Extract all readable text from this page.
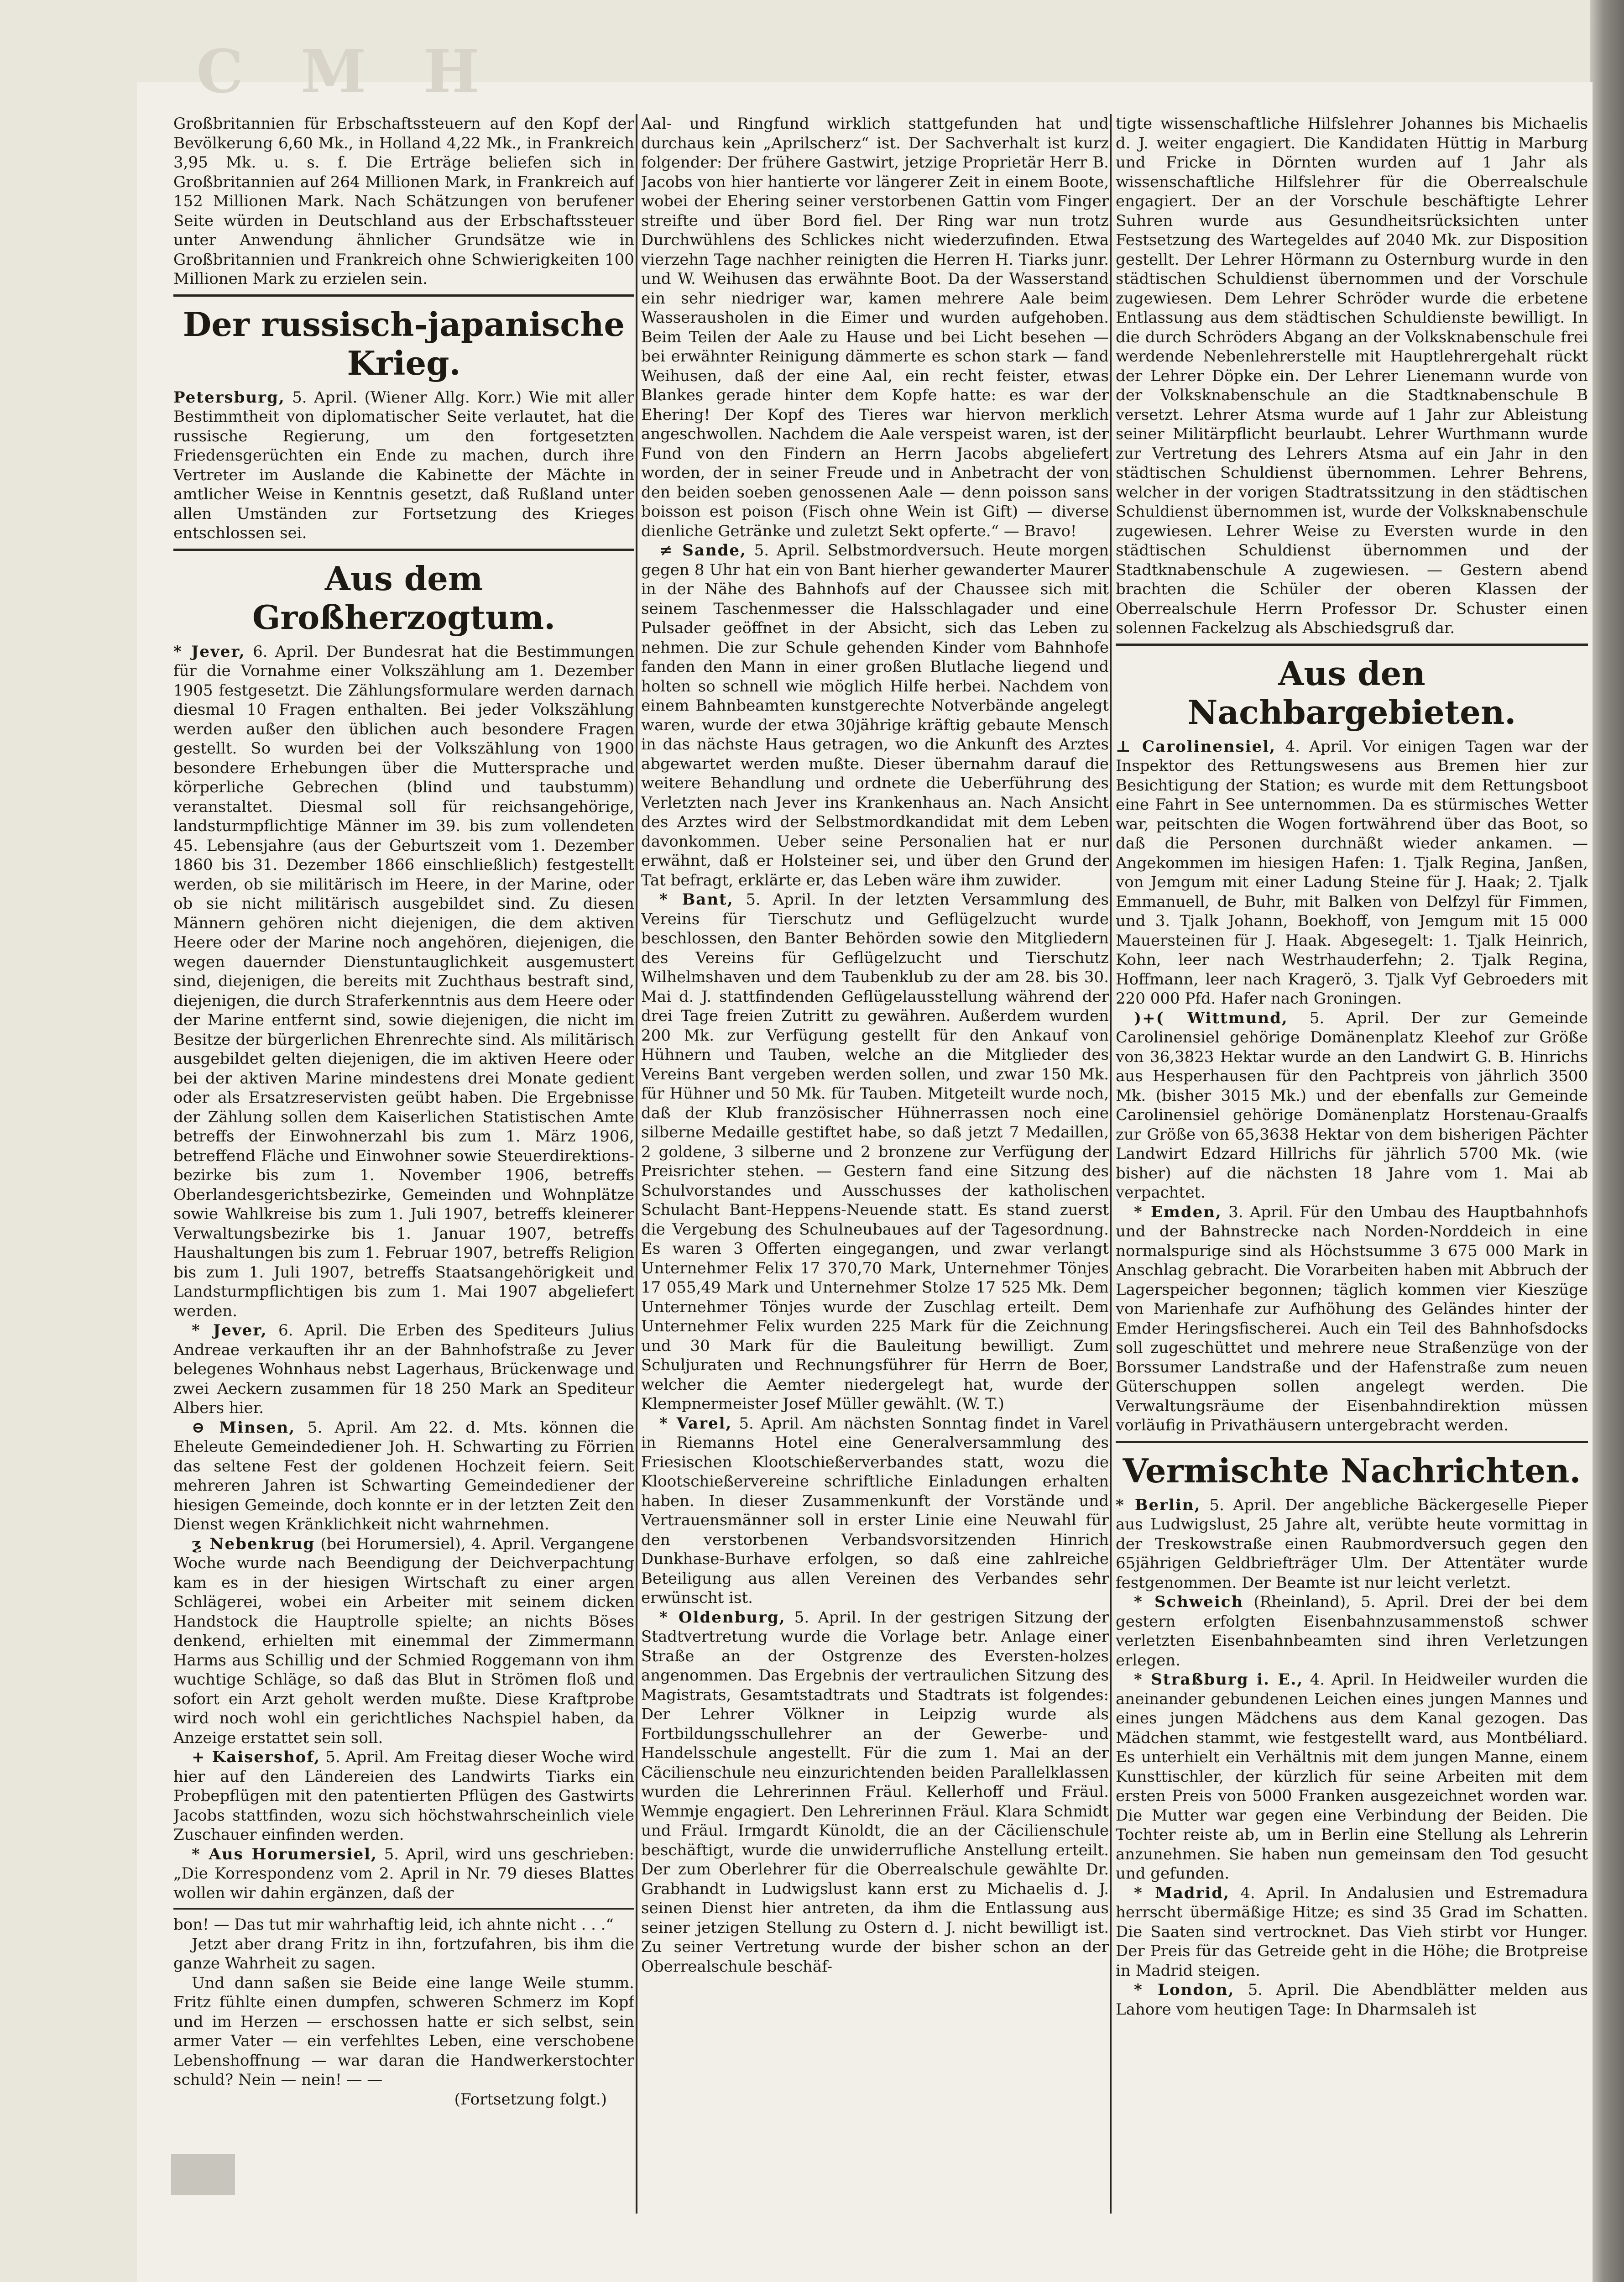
C M H

Großbritannien für Erbschaftssteuern auf den Kopf der Bevölkerung 6,60 Mk., in Holland 4,22 Mk., in Frankreich 3,95 Mk. u. s. f. Die Erträge beliefen sich in Großbritannien auf 264 Millionen Mark, in Frankreich auf 152 Millionen Mark. Nach Schätzungen von berufener Seite würden in Deutschland aus der Erbschaftssteuer unter Anwendung ähnlicher Grundsätze wie in Großbritannien und Frankreich ohne Schwierigkeiten 100 Millionen Mark zu erzielen sein.

Der russisch-japanische Krieg.

Petersburg, 5. April. (Wiener Allg. Korr.) Wie mit aller Bestimmtheit von diplomatischer Seite verlautet, hat die russische Regierung, um den fortgesetzten Friedensgerüchten ein Ende zu machen, durch ihre Vertreter im Auslande die Kabinette der Mächte in amtlicher Weise in Kenntnis gesetzt, daß Rußland unter allen Umständen zur Fortsetzung des Krieges entschlossen sei.

Aus dem Großherzogtum.

* Jever, 6. April. Der Bundesrat hat die Bestimmungen für die Vornahme einer Volkszählung am 1. Dezember 1905 festgesetzt. Die Zählungsformulare werden darnach diesmal 10 Fragen enthalten. Bei jeder Volkszählung werden außer den üblichen auch besondere Fragen gestellt. So wurden bei der Volkszählung von 1900 besondere Erhebungen über die Muttersprache und körperliche Gebrechen (blind und taubstumm) veranstaltet. Diesmal soll für reichsangehörige, landsturmpflichtige Männer im 39. bis zum vollendeten 45. Lebensjahre (aus der Geburtszeit vom 1. Dezember 1860 bis 31. Dezember 1866 einschließlich) festgestellt werden, ob sie militärisch im Heere, in der Marine, oder ob sie nicht militärisch ausgebildet sind. Zu diesen Männern gehören nicht diejenigen, die dem aktiven Heere oder der Marine noch angehören, diejenigen, die wegen dauernder Dienstuntauglichkeit ausgemustert sind, diejenigen, die bereits mit Zuchthaus bestraft sind, diejenigen, die durch Straferkenntnis aus dem Heere oder der Marine entfernt sind, sowie diejenigen, die nicht im Besitze der bürgerlichen Ehrenrechte sind. Als militärisch ausgebildet gelten diejenigen, die im aktiven Heere oder bei der aktiven Marine mindestens drei Monate gedient oder als Ersatzreservisten geübt haben. Die Ergebnisse der Zählung sollen dem Kaiserlichen Statistischen Amte betreffs der Einwohnerzahl bis zum 1. März 1906, betreffend Fläche und Einwohner sowie Steuerdirektions-bezirke bis zum 1. November 1906, betreffs Oberlandesgerichtsbezirke, Gemeinden und Wohnplätze sowie Wahlkreise bis zum 1. Juli 1907, betreffs kleinerer Verwaltungsbezirke bis 1. Januar 1907, betreffs Haushaltungen bis zum 1. Februar 1907, betreffs Religion bis zum 1. Juli 1907, betreffs Staatsangehörigkeit und Landsturmpflichtigen bis zum 1. Mai 1907 abgeliefert werden.

* Jever, 6. April. Die Erben des Spediteurs Julius Andreae verkauften ihr an der Bahnhofstraße zu Jever belegenes Wohnhaus nebst Lagerhaus, Brückenwage und zwei Aeckern zusammen für 18 250 Mark an Spediteur Albers hier.

⊖ Minsen, 5. April. Am 22. d. Mts. können die Eheleute Gemeindediener Joh. H. Schwarting zu Förrien das seltene Fest der goldenen Hochzeit feiern. Seit mehreren Jahren ist Schwarting Gemeindediener der hiesigen Gemeinde, doch konnte er in der letzten Zeit den Dienst wegen Kränklichkeit nicht wahrnehmen.

ƺ Nebenkrug (bei Horumersiel), 4. April. Vergangene Woche wurde nach Beendigung der Deichverpachtung kam es in der hiesigen Wirtschaft zu einer argen Schlägerei, wobei ein Arbeiter mit seinem dicken Handstock die Hauptrolle spielte; an nichts Böses denkend, erhielten mit einemmal der Zimmermann Harms aus Schillig und der Schmied Roggemann von ihm wuchtige Schläge, so daß das Blut in Strömen floß und sofort ein Arzt geholt werden mußte. Diese Kraftprobe wird noch wohl ein gerichtliches Nachspiel haben, da Anzeige erstattet sein soll.

+ Kaisershof, 5. April. Am Freitag dieser Woche wird hier auf den Ländereien des Landwirts Tiarks ein Probepflügen mit den patentierten Pflügen des Gastwirts Jacobs stattfinden, wozu sich höchstwahrscheinlich viele Zuschauer einfinden werden.

* Aus Horumersiel, 5. April, wird uns geschrieben: „Die Korrespondenz vom 2. April in Nr. 79 dieses Blattes wollen wir dahin ergänzen, daß der

bon! — Das tut mir wahrhaftig leid, ich ahnte nicht . . .“

Jetzt aber drang Fritz in ihn, fortzufahren, bis ihm die ganze Wahrheit zu sagen.

Und dann saßen sie Beide eine lange Weile stumm. Fritz fühlte einen dumpfen, schweren Schmerz im Kopf und im Herzen — erschossen hatte er sich selbst, sein armer Vater — ein verfehltes Leben, eine verschobene Lebenshoffnung — war daran die Handwerkerstochter schuld? Nein — nein! — —

(Fortsetzung folgt.)

Aal- und Ringfund wirklich stattgefunden hat und durchaus kein „Aprilscherz“ ist. Der Sachverhalt ist kurz folgender: Der frühere Gastwirt, jetzige Proprietär Herr B. Jacobs von hier hantierte vor längerer Zeit in einem Boote, wobei der Ehering seiner verstorbenen Gattin vom Finger streifte und über Bord fiel. Der Ring war nun trotz Durchwühlens des Schlickes nicht wiederzufinden. Etwa vierzehn Tage nachher reinigten die Herren H. Tiarks junr. und W. Weihusen das erwähnte Boot. Da der Wasserstand ein sehr niedriger war, kamen mehrere Aale beim Wasserausholen in die Eimer und wurden aufgehoben. Beim Teilen der Aale zu Hause und bei Licht besehen — bei erwähnter Reinigung dämmerte es schon stark — fand Weihusen, daß der eine Aal, ein recht feister, etwas Blankes gerade hinter dem Kopfe hatte: es war der Ehering! Der Kopf des Tieres war hiervon merklich angeschwollen. Nachdem die Aale verspeist waren, ist der Fund von den Findern an Herrn Jacobs abgeliefert worden, der in seiner Freude und in Anbetracht der von den beiden soeben genossenen Aale — denn poisson sans boisson est poison (Fisch ohne Wein ist Gift) — diverse dienliche Getränke und zuletzt Sekt opferte.“ — Bravo!

≠ Sande, 5. April. Selbstmordversuch. Heute morgen gegen 8 Uhr hat ein von Bant hierher gewanderter Maurer in der Nähe des Bahnhofs auf der Chaussee sich mit seinem Taschenmesser die Halsschlagader und eine Pulsader geöffnet in der Absicht, sich das Leben zu nehmen. Die zur Schule gehenden Kinder vom Bahnhofe fanden den Mann in einer großen Blutlache liegend und holten so schnell wie möglich Hilfe herbei. Nachdem von einem Bahnbeamten kunstgerechte Notverbände angelegt waren, wurde der etwa 30jährige kräftig gebaute Mensch in das nächste Haus getragen, wo die Ankunft des Arztes abgewartet werden mußte. Dieser übernahm darauf die weitere Behandlung und ordnete die Ueberführung des Verletzten nach Jever ins Krankenhaus an. Nach Ansicht des Arztes wird der Selbstmordkandidat mit dem Leben davonkommen. Ueber seine Personalien hat er nur erwähnt, daß er Holsteiner sei, und über den Grund der Tat befragt, erklärte er, das Leben wäre ihm zuwider.

* Bant, 5. April. In der letzten Versammlung des Vereins für Tierschutz und Geflügelzucht wurde beschlossen, den Banter Behörden sowie den Mitgliedern des Vereins für Geflügelzucht und Tierschutz Wilhelmshaven und dem Taubenklub zu der am 28. bis 30. Mai d. J. stattfindenden Geflügelausstellung während der drei Tage freien Zutritt zu gewähren. Außerdem wurden 200 Mk. zur Verfügung gestellt für den Ankauf von Hühnern und Tauben, welche an die Mitglieder des Vereins Bant vergeben werden sollen, und zwar 150 Mk. für Hühner und 50 Mk. für Tauben. Mitgeteilt wurde noch, daß der Klub französischer Hühnerrassen noch eine silberne Medaille gestiftet habe, so daß jetzt 7 Medaillen, 2 goldene, 3 silberne und 2 bronzene zur Verfügung der Preisrichter stehen. — Gestern fand eine Sitzung des Schulvorstandes und Ausschusses der katholischen Schulacht Bant-Heppens-Neuende statt. Es stand zuerst die Vergebung des Schulneubaues auf der Tagesordnung. Es waren 3 Offerten eingegangen, und zwar verlangt Unternehmer Felix 17 370,70 Mark, Unternehmer Tönjes 17 055,49 Mark und Unternehmer Stolze 17 525 Mk. Dem Unternehmer Tönjes wurde der Zuschlag erteilt. Dem Unternehmer Felix wurden 225 Mark für die Zeichnung und 30 Mark für die Bauleitung bewilligt. Zum Schuljuraten und Rechnungsführer für Herrn de Boer, welcher die Aemter niedergelegt hat, wurde der Klempnermeister Josef Müller gewählt. (W. T.)

* Varel, 5. April. Am nächsten Sonntag findet in Varel in Riemanns Hotel eine Generalversammlung des Friesischen Klootschießerverbandes statt, wozu die Klootschießervereine schriftliche Einladungen erhalten haben. In dieser Zusammenkunft der Vorstände und Vertrauensmänner soll in erster Linie eine Neuwahl für den verstorbenen Verbandsvorsitzenden Hinrich Dunkhase-Burhave erfolgen, so daß eine zahlreiche Beteiligung aus allen Vereinen des Verbandes sehr erwünscht ist.

* Oldenburg, 5. April. In der gestrigen Sitzung der Stadtvertretung wurde die Vorlage betr. Anlage einer Straße an der Ostgrenze des Eversten-holzes angenommen. Das Ergebnis der vertraulichen Sitzung des Magistrats, Gesamtstadtrats und Stadtrats ist folgendes: Der Lehrer Völkner in Leipzig wurde als Fortbildungsschullehrer an der Gewerbe- und Handelsschule angestellt. Für die zum 1. Mai an der Cäcilienschule neu einzurichtenden beiden Parallelklassen wurden die Lehrerinnen Fräul. Kellerhoff und Fräul. Wemmje engagiert. Den Lehrerinnen Fräul. Klara Schmidt und Fräul. Irmgardt Künoldt, die an der Cäcilienschule beschäftigt, wurde die unwiderrufliche Anstellung erteilt. Der zum Oberlehrer für die Oberrealschule gewählte Dr. Grabhandt in Ludwigslust kann erst zu Michaelis d. J. seinen Dienst hier antreten, da ihm die Entlassung aus seiner jetzigen Stellung zu Ostern d. J. nicht bewilligt ist. Zu seiner Vertretung wurde der bisher schon an der Oberrealschule beschäf-

tigte wissenschaftliche Hilfslehrer Johannes bis Michaelis d. J. weiter engagiert. Die Kandidaten Hüttig in Marburg und Fricke in Dörnten wurden auf 1 Jahr als wissenschaftliche Hilfslehrer für die Oberrealschule engagiert. Der an der Vorschule beschäftigte Lehrer Suhren wurde aus Gesundheitsrücksichten unter Festsetzung des Wartegeldes auf 2040 Mk. zur Disposition gestellt. Der Lehrer Hörmann zu Osternburg wurde in den städtischen Schuldienst übernommen und der Vorschule zugewiesen. Dem Lehrer Schröder wurde die erbetene Entlassung aus dem städtischen Schuldienste bewilligt. In die durch Schröders Abgang an der Volksknabenschule frei werdende Nebenlehrerstelle mit Hauptlehrergehalt rückt der Lehrer Döpke ein. Der Lehrer Lienemann wurde von der Volksknabenschule an die Stadtknabenschule B versetzt. Lehrer Atsma wurde auf 1 Jahr zur Ableistung seiner Militärpflicht beurlaubt. Lehrer Wurthmann wurde zur Vertretung des Lehrers Atsma auf ein Jahr in den städtischen Schuldienst übernommen. Lehrer Behrens, welcher in der vorigen Stadtratssitzung in den städtischen Schuldienst übernommen ist, wurde der Volksknabenschule zugewiesen. Lehrer Weise zu Eversten wurde in den städtischen Schuldienst übernommen und der Stadtknabenschule A zugewiesen. — Gestern abend brachten die Schüler der oberen Klassen der Oberrealschule Herrn Professor Dr. Schuster einen solennen Fackelzug als Abschiedsgruß dar.

Aus den Nachbargebieten.

⊥ Carolinensiel, 4. April. Vor einigen Tagen war der Inspektor des Rettungswesens aus Bremen hier zur Besichtigung der Station; es wurde mit dem Rettungsboot eine Fahrt in See unternommen. Da es stürmisches Wetter war, peitschten die Wogen fortwährend über das Boot, so daß die Personen durchnäßt wieder ankamen. — Angekommen im hiesigen Hafen: 1. Tjalk Regina, Janßen, von Jemgum mit einer Ladung Steine für J. Haak; 2. Tjalk Emmanuell, de Buhr, mit Balken von Delfzyl für Fimmen, und 3. Tjalk Johann, Boekhoff, von Jemgum mit 15 000 Mauersteinen für J. Haak. Abgesegelt: 1. Tjalk Heinrich, Kohn, leer nach Westrhauderfehn; 2. Tjalk Regina, Hoffmann, leer nach Kragerö, 3. Tjalk Vyf Gebroeders mit 220 000 Pfd. Hafer nach Groningen.

)+( Wittmund, 5. April. Der zur Gemeinde Carolinensiel gehörige Domänenplatz Kleehof zur Größe von 36,3823 Hektar wurde an den Landwirt G. B. Hinrichs aus Hesperhausen für den Pachtpreis von jährlich 3500 Mk. (bisher 3015 Mk.) und der ebenfalls zur Gemeinde Carolinensiel gehörige Domänenplatz Horstenau-Graalfs zur Größe von 65,3638 Hektar von dem bisherigen Pächter Landwirt Edzard Hillrichs für jährlich 5700 Mk. (wie bisher) auf die nächsten 18 Jahre vom 1. Mai ab verpachtet.

* Emden, 3. April. Für den Umbau des Hauptbahnhofs und der Bahnstrecke nach Norden-Norddeich in eine normalspurige sind als Höchstsumme 3 675 000 Mark in Anschlag gebracht. Die Vorarbeiten haben mit Abbruch der Lagerspeicher begonnen; täglich kommen vier Kieszüge von Marienhafe zur Aufhöhung des Geländes hinter der Emder Heringsfischerei. Auch ein Teil des Bahnhofsdocks soll zugeschüttet und mehrere neue Straßenzüge von der Borssumer Landstraße und der Hafenstraße zum neuen Güterschuppen sollen angelegt werden. Die Verwaltungsräume der Eisenbahndirektion müssen vorläufig in Privathäusern untergebracht werden.

Vermischte Nachrichten.

* Berlin, 5. April. Der angebliche Bäckergeselle Pieper aus Ludwigslust, 25 Jahre alt, verübte heute vormittag in der Treskowstraße einen Raubmordversuch gegen den 65jährigen Geldbriefträger Ulm. Der Attentäter wurde festgenommen. Der Beamte ist nur leicht verletzt.

* Schweich (Rheinland), 5. April. Drei der bei dem gestern erfolgten Eisenbahnzusammenstoß schwer verletzten Eisenbahnbeamten sind ihren Verletzungen erlegen.

* Straßburg i. E., 4. April. In Heidweiler wurden die aneinander gebundenen Leichen eines jungen Mannes und eines jungen Mädchens aus dem Kanal gezogen. Das Mädchen stammt, wie festgestellt ward, aus Montbéliard. Es unterhielt ein Verhältnis mit dem jungen Manne, einem Kunsttischler, der kürzlich für seine Arbeiten mit dem ersten Preis von 5000 Franken ausgezeichnet worden war. Die Mutter war gegen eine Verbindung der Beiden. Die Tochter reiste ab, um in Berlin eine Stellung als Lehrerin anzunehmen. Sie haben nun gemeinsam den Tod gesucht und gefunden.

* Madrid, 4. April. In Andalusien und Estremadura herrscht übermäßige Hitze; es sind 35 Grad im Schatten. Die Saaten sind vertrocknet. Das Vieh stirbt vor Hunger. Der Preis für das Getreide geht in die Höhe; die Brotpreise in Madrid steigen.

* London, 5. April. Die Abendblätter melden aus Lahore vom heutigen Tage: In Dharmsaleh ist
